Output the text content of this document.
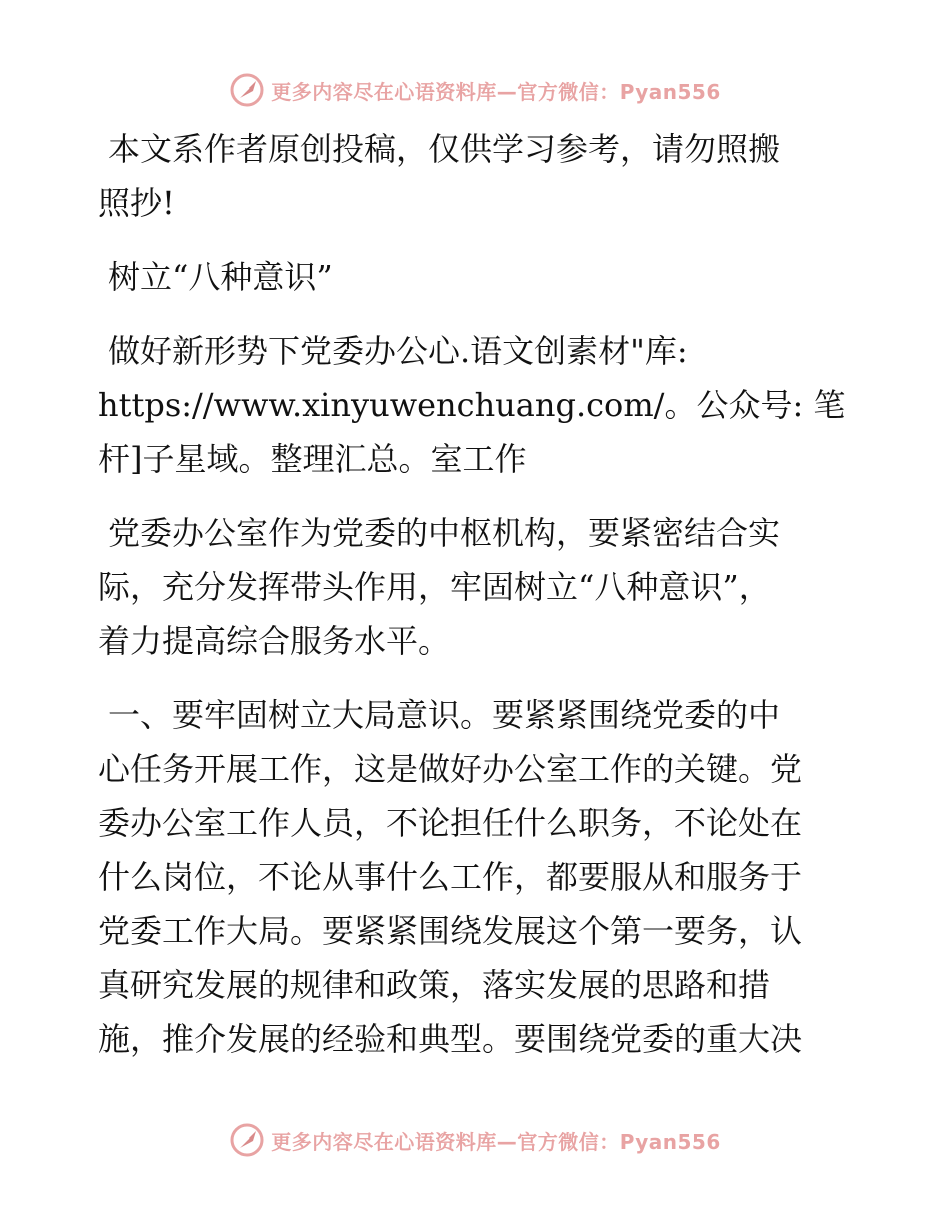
更多内容尽在心语资料库—官方微信：Pyan556

本文系作者原创投稿，仅供学习参考，请勿照搬

照抄!

树立“八种意识”

做好新形势下党委办公心.语文创素材"库:

https://www.xinyuwenchuang.com/。公众号: 笔

杆]子星域。整理汇总。室工作

党委办公室作为党委的中枢机构，要紧密结合实

际，充分发挥带头作用，牢固树立“八种意识”，

着力提高综合服务水平。

一、要牢固树立大局意识。要紧紧围绕党委的中

心任务开展工作，这是做好办公室工作的关键。党

委办公室工作人员，不论担任什么职务，不论处在

什么岗位，不论从事什么工作，都要服从和服务于

党委工作大局。要紧紧围绕发展这个第一要务，认

真研究发展的规律和政策，落实发展的思路和措

施，推介发展的经验和典型。要围绕党委的重大决

更多内容尽在心语资料库—官方微信：Pyan556
